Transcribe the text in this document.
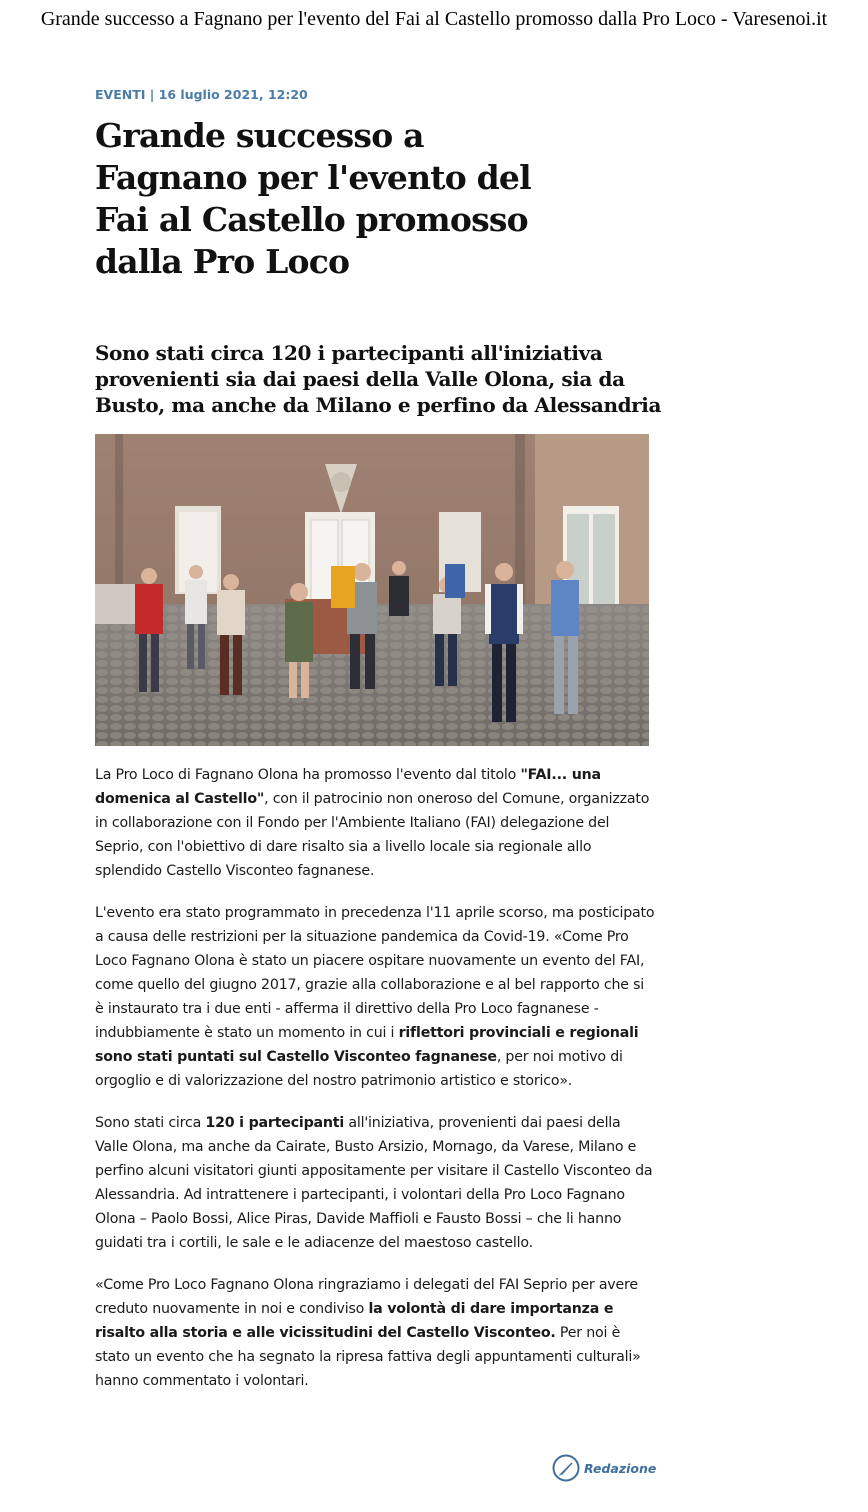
Grande successo a Fagnano per l'evento del Fai al Castello promosso dalla Pro Loco - Varesenoi.it
EVENTI | 16 luglio 2021, 12:20
Grande successo a Fagnano per l'evento del Fai al Castello promosso dalla Pro Loco
Sono stati circa 120 i partecipanti all'iniziativa provenienti sia dai paesi della Valle Olona, sia da Busto, ma anche da Milano e perfino da Alessandria

La Pro Loco di Fagnano Olona ha promosso l'evento dal titolo "FAI... una domenica al Castello", con il patrocinio non oneroso del Comune, organizzato in collaborazione con il Fondo per l'Ambiente Italiano (FAI) delegazione del Seprio, con l'obiettivo di dare risalto sia a livello locale sia regionale allo splendido Castello Visconteo fagnanese.

L'evento era stato programmato in precedenza l'11 aprile scorso, ma posticipato a causa delle restrizioni per la situazione pandemica da Covid-19. «Come Pro Loco Fagnano Olona è stato un piacere ospitare nuovamente un evento del FAI, come quello del giugno 2017, grazie alla collaborazione e al bel rapporto che si è instaurato tra i due enti - afferma il direttivo della Pro Loco fagnanese - indubbiamente è stato un momento in cui i riflettori provinciali e regionali sono stati puntati sul Castello Visconteo fagnanese, per noi motivo di orgoglio e di valorizzazione del nostro patrimonio artistico e storico».

Sono stati circa 120 i partecipanti all'iniziativa, provenienti dai paesi della Valle Olona, ma anche da Cairate, Busto Arsizio, Mornago, da Varese, Milano e perfino alcuni visitatori giunti appositamente per visitare il Castello Visconteo da Alessandria. Ad intrattenere i partecipanti, i volontari della Pro Loco Fagnano Olona – Paolo Bossi, Alice Piras, Davide Maffioli e Fausto Bossi – che li hanno guidati tra i cortili, le sale e le adiacenze del maestoso castello.

«Come Pro Loco Fagnano Olona ringraziamo i delegati del FAI Seprio per avere creduto nuovamente in noi e condiviso la volontà di dare importanza e risalto alla storia e alle vicissitudini del Castello Visconteo. Per noi è stato un evento che ha segnato la ripresa fattiva degli appuntamenti culturali» hanno commentato i volontari.

Redazione
